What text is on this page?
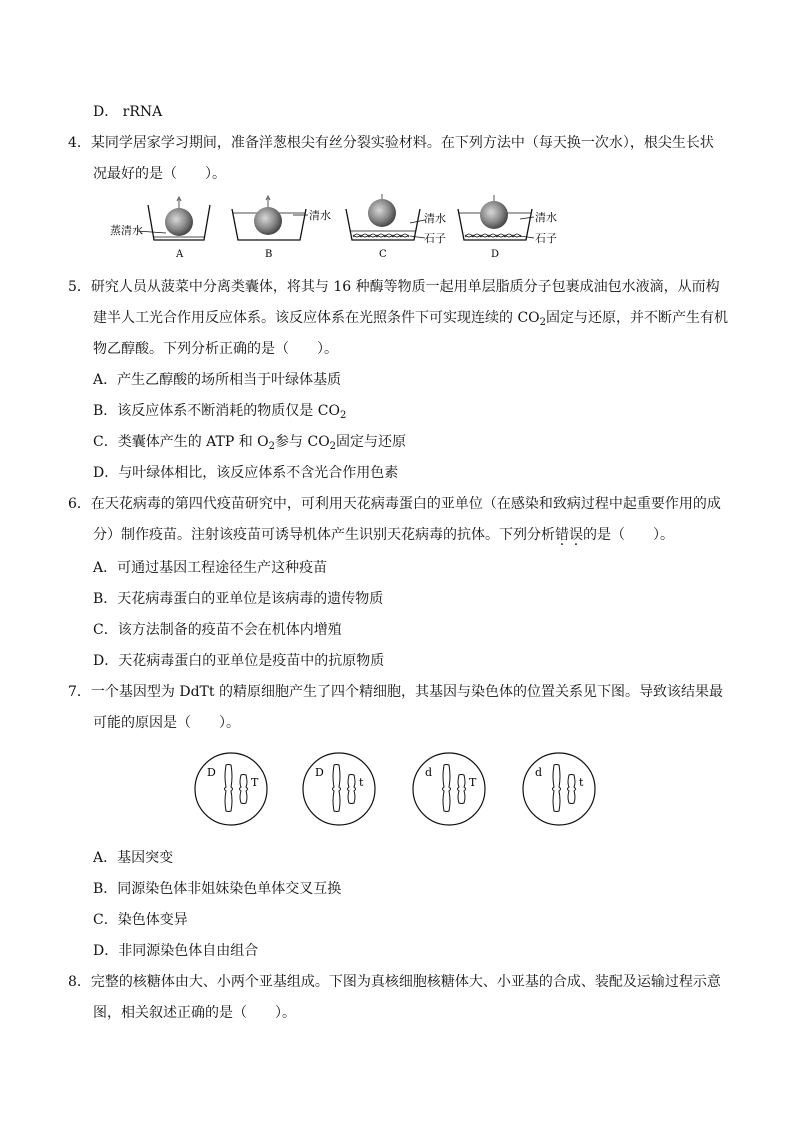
D． rRNA
4．某同学居家学习期间，准备洋葱根尖有丝分裂实验材料。在下列方法中（每天换一次水），根尖生长状
况最好的是（　　）。
蒸清水
A
清水
B
清水
石子
C
清水
石子
D
5．研究人员从菠菜中分离类囊体，将其与 16 种酶等物质一起用单层脂质分子包裹成油包水液滴，从而构
建半人工光合作用反应体系。该反应体系在光照条件下可实现连续的 $CO_2$固定与还原，并不断产生有机
物乙醇酸。下列分析正确的是（　　）。
A．产生乙醇酸的场所相当于叶绿体基质
B．该反应体系不断消耗的物质仅是 $CO_2$
C．类囊体产生的 ATP 和 $O_2$参与 $CO_2$固定与还原
D．与叶绿体相比，该反应体系不含光合作用色素
6．在天花病毒的第四代疫苗研究中，可利用天花病毒蛋白的亚单位（在感染和致病过程中起重要作用的成
分）制作疫苗。注射该疫苗可诱导机体产生识别天花病毒的抗体。下列分析错误的是（　　）。
A．可通过基因工程途径生产这种疫苗
B．天花病毒蛋白的亚单位是该病毒的遗传物质
C．该方法制备的疫苗不会在机体内增殖
D．天花病毒蛋白的亚单位是疫苗中的抗原物质
7．一个基因型为 DdTt 的精原细胞产生了四个精细胞，其基因与染色体的位置关系见下图。导致该结果最
可能的原因是（　　）。
D
T
D
t
d
T
d
t
A．基因突变
B．同源染色体非姐妹染色单体交叉互换
C．染色体变异
D．非同源染色体自由组合
8．完整的核糖体由大、小两个亚基组成。下图为真核细胞核糖体大、小亚基的合成、装配及运输过程示意
图，相关叙述正确的是（　　）。
